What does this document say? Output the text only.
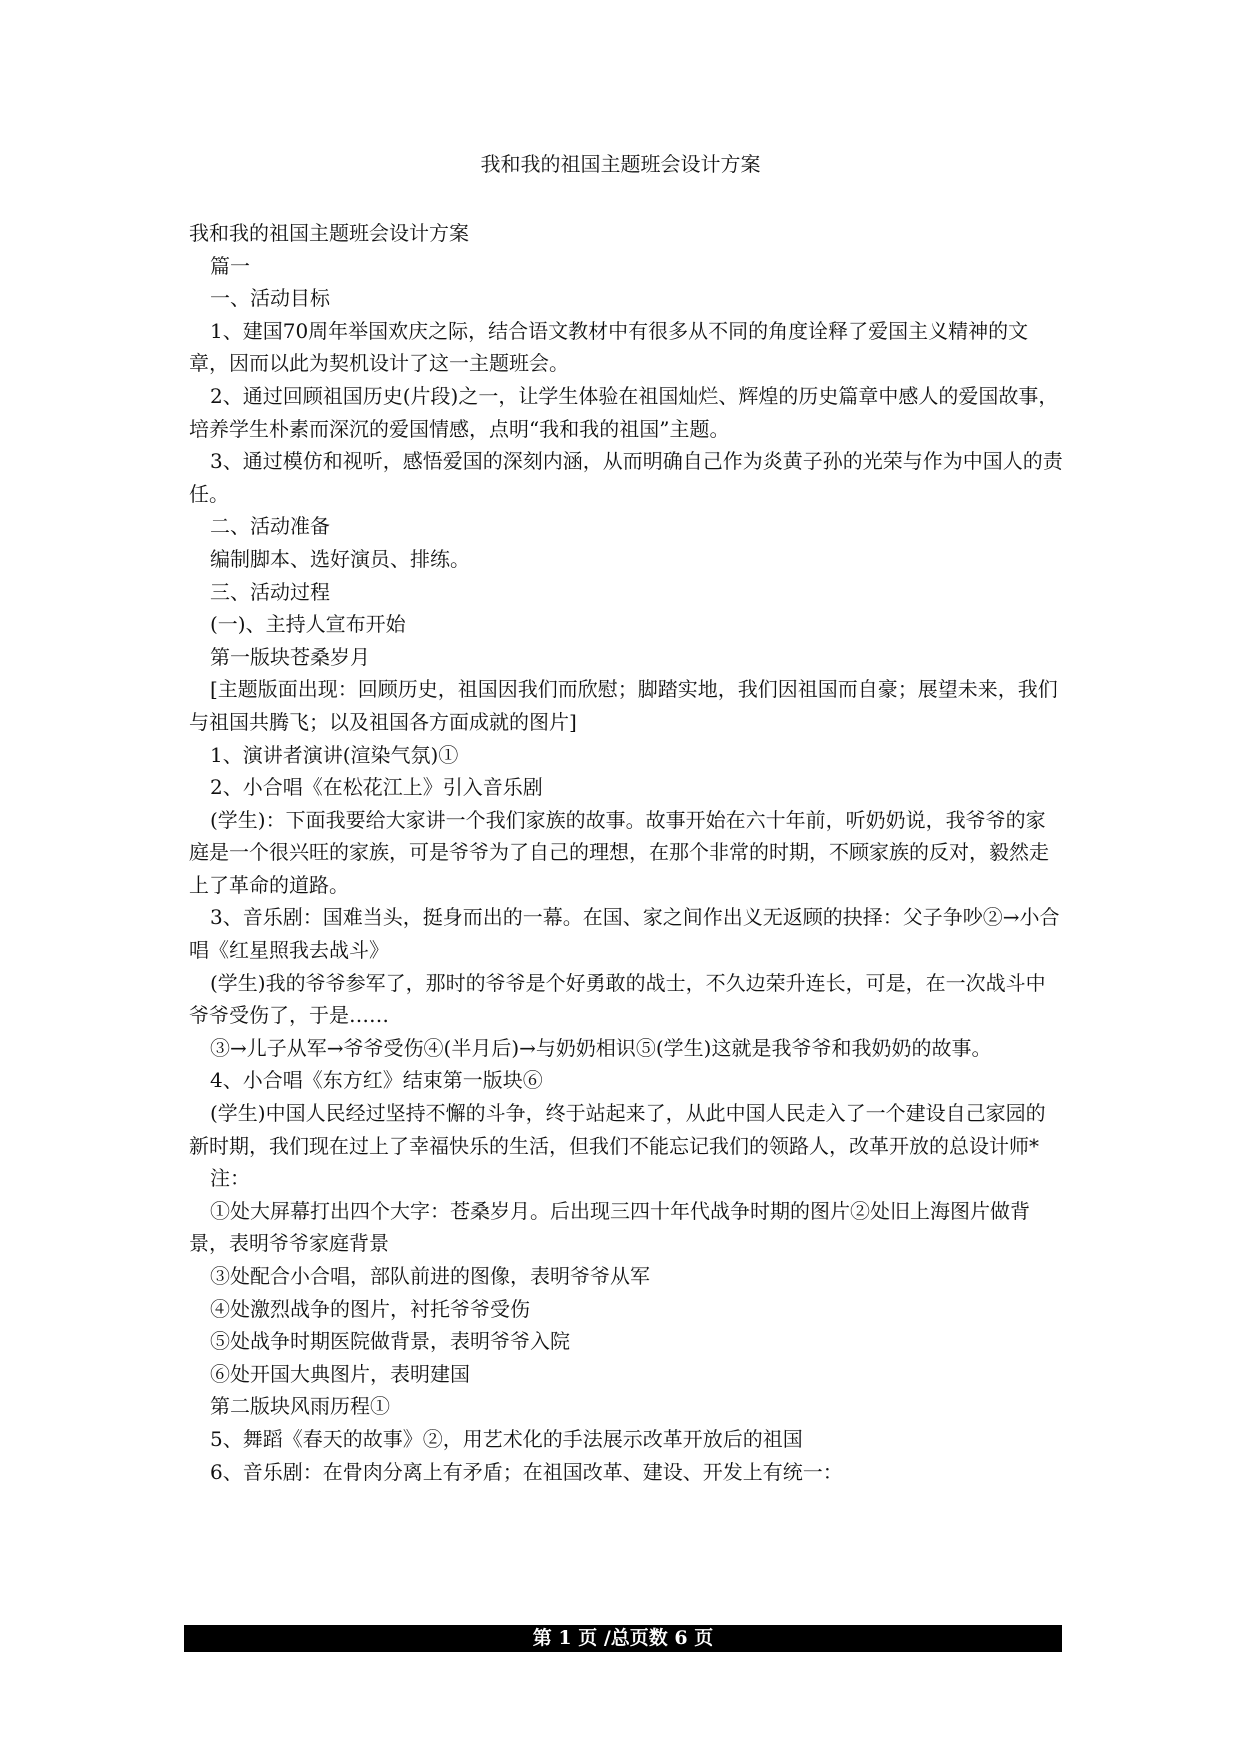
我和我的祖国主题班会设计方案

我和我的祖国主题班会设计方案

篇一

一、活动目标

1、建国70周年举国欢庆之际，结合语文教材中有很多从不同的角度诠释了爱国主义精神的文章，因而以此为契机设计了这一主题班会。

2、通过回顾祖国历史(片段)之一，让学生体验在祖国灿烂、辉煌的历史篇章中感人的爱国故事，培养学生朴素而深沉的爱国情感，点明“我和我的祖国”主题。

3、通过模仿和视听，感悟爱国的深刻内涵，从而明确自己作为炎黄子孙的光荣与作为中国人的责任。

二、活动准备

编制脚本、选好演员、排练。

三、活动过程

(一)、主持人宣布开始

第一版块苍桑岁月

[主题版面出现：回顾历史，祖国因我们而欣慰；脚踏实地，我们因祖国而自豪；展望未来，我们与祖国共腾飞；以及祖国各方面成就的图片]

1、演讲者演讲(渲染气氛)①

2、小合唱《在松花江上》引入音乐剧

(学生)：下面我要给大家讲一个我们家族的故事。故事开始在六十年前，听奶奶说，我爷爷的家庭是一个很兴旺的家族，可是爷爷为了自己的理想，在那个非常的时期，不顾家族的反对，毅然走上了革命的道路。

3、音乐剧：国难当头，挺身而出的一幕。在国、家之间作出义无返顾的抉择：父子争吵②→小合唱《红星照我去战斗》

(学生)我的爷爷参军了，那时的爷爷是个好勇敢的战士，不久边荣升连长，可是，在一次战斗中爷爷受伤了，于是……

③→儿子从军→爷爷受伤④(半月后)→与奶奶相识⑤(学生)这就是我爷爷和我奶奶的故事。

4、小合唱《东方红》结束第一版块⑥

(学生)中国人民经过坚持不懈的斗争，终于站起来了，从此中国人民走入了一个建设自己家园的新时期，我们现在过上了幸福快乐的生活，但我们不能忘记我们的领路人，改革开放的总设计师*

注：

①处大屏幕打出四个大字：苍桑岁月。后出现三四十年代战争时期的图片②处旧上海图片做背景，表明爷爷家庭背景

③处配合小合唱，部队前进的图像，表明爷爷从军

④处激烈战争的图片，衬托爷爷受伤

⑤处战争时期医院做背景，表明爷爷入院

⑥处开国大典图片，表明建国

第二版块风雨历程①

5、舞蹈《春天的故事》②，用艺术化的手法展示改革开放后的祖国

6、音乐剧：在骨肉分离上有矛盾；在祖国改革、建设、开发上有统一：

第 1 页 /总页数 6 页
